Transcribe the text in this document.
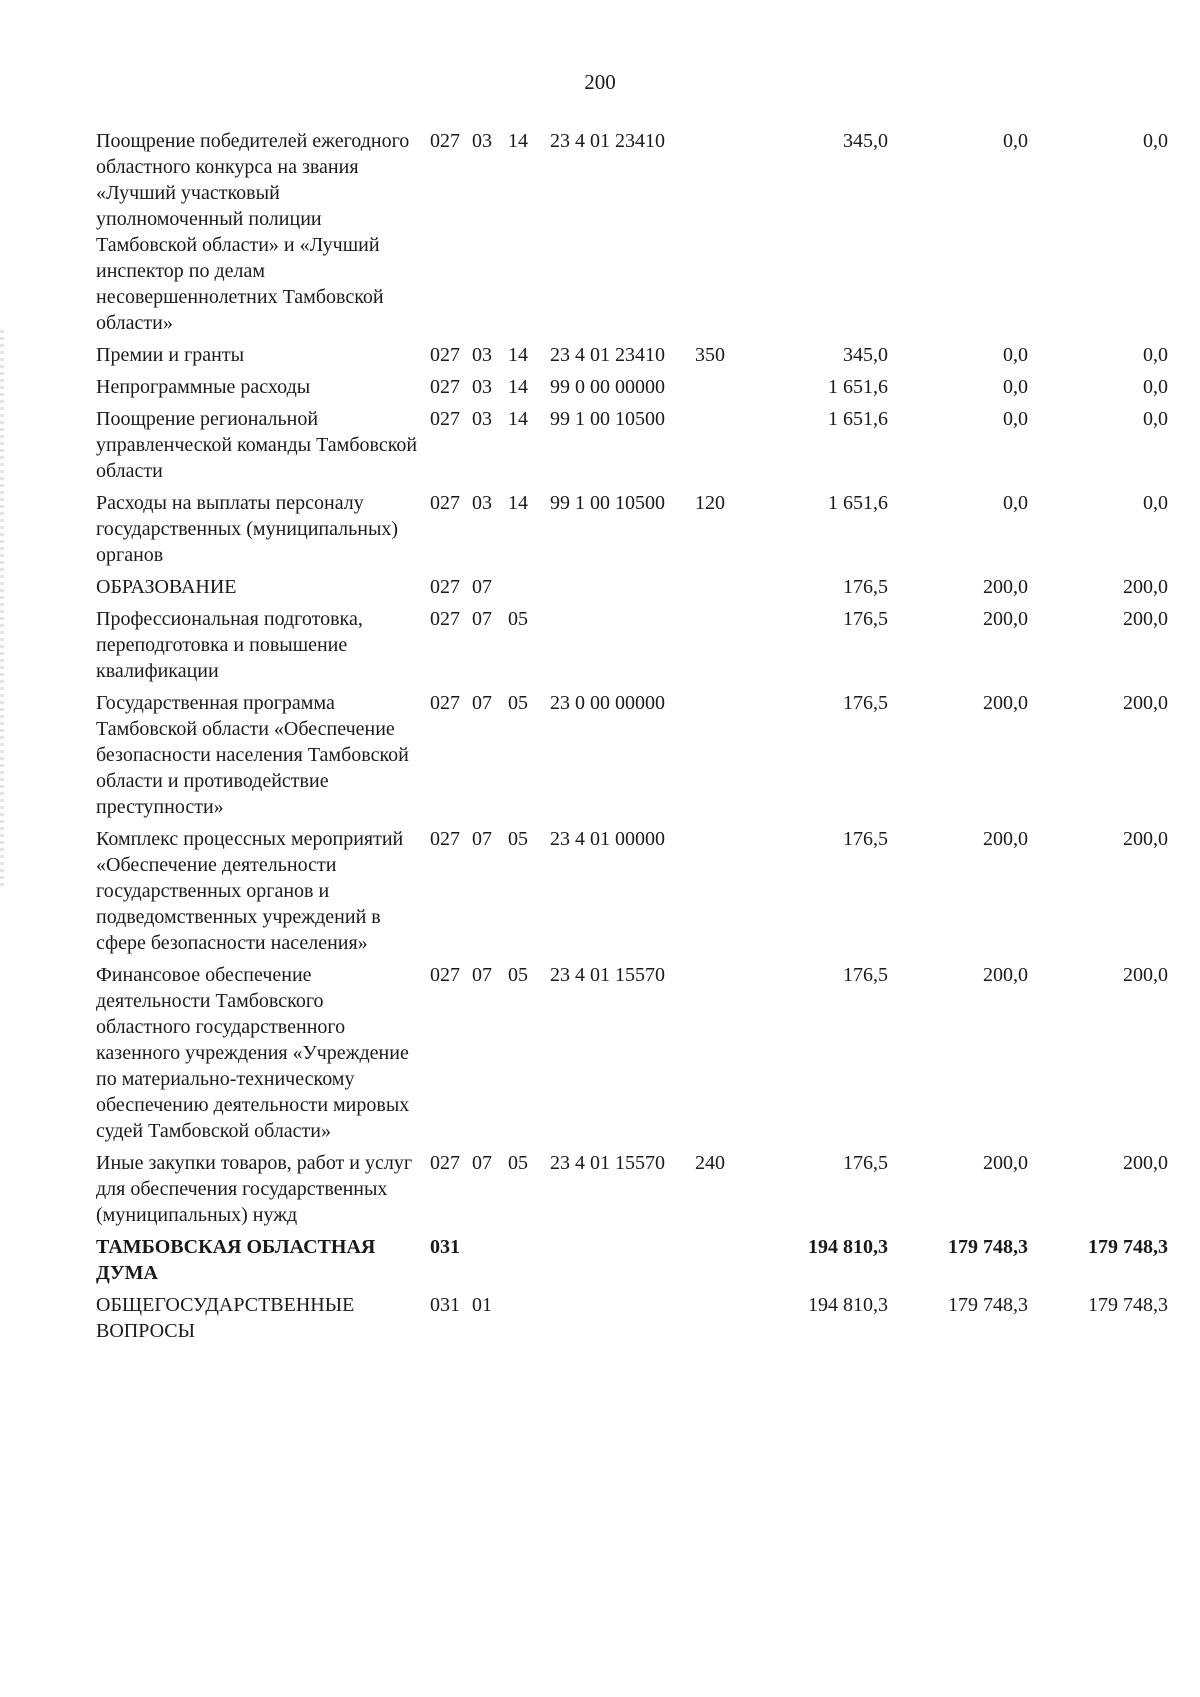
200
Поощрение победителей ежегодного областного конкурса на звания «Лучший участковый уполномоченный полиции Тамбовской области» и «Лучший инспектор по делам несовершеннолетних Тамбовской области»	027	03	14	23 4 01 23410		345,0	0,0	0,0
Премии и гранты	027	03	14	23 4 01 23410	350	345,0	0,0	0,0
Непрограммные расходы	027	03	14	99 0 00 00000		1 651,6	0,0	0,0
Поощрение региональной управленческой команды Тамбовской области	027	03	14	99 1 00 10500		1 651,6	0,0	0,0
Расходы на выплаты персоналу государственных (муниципальных) органов	027	03	14	99 1 00 10500	120	1 651,6	0,0	0,0
ОБРАЗОВАНИЕ	027	07				176,5	200,0	200,0
Профессиональная подготовка, переподготовка и повышение квалификации	027	07	05			176,5	200,0	200,0
Государственная программа Тамбовской области «Обеспечение безопасности населения Тамбовской области и противодействие преступности»	027	07	05	23 0 00 00000		176,5	200,0	200,0
Комплекс процессных мероприятий «Обеспечение деятельности государственных органов и подведомственных учреждений в сфере безопасности населения»	027	07	05	23 4 01 00000		176,5	200,0	200,0
Финансовое обеспечение деятельности Тамбовского областного государственного казенного учреждения «Учреждение по материально-техническому обеспечению деятельности мировых судей Тамбовской области»	027	07	05	23 4 01 15570		176,5	200,0	200,0
Иные закупки товаров, работ и услуг для обеспечения государственных (муниципальных) нужд	027	07	05	23 4 01 15570	240	176,5	200,0	200,0
ТАМБОВСКАЯ ОБЛАСТНАЯ ДУМА	031					194 810,3	179 748,3	179 748,3
ОБЩЕГОСУДАРСТВЕННЫЕ ВОПРОСЫ	031	01				194 810,3	179 748,3	179 748,3
